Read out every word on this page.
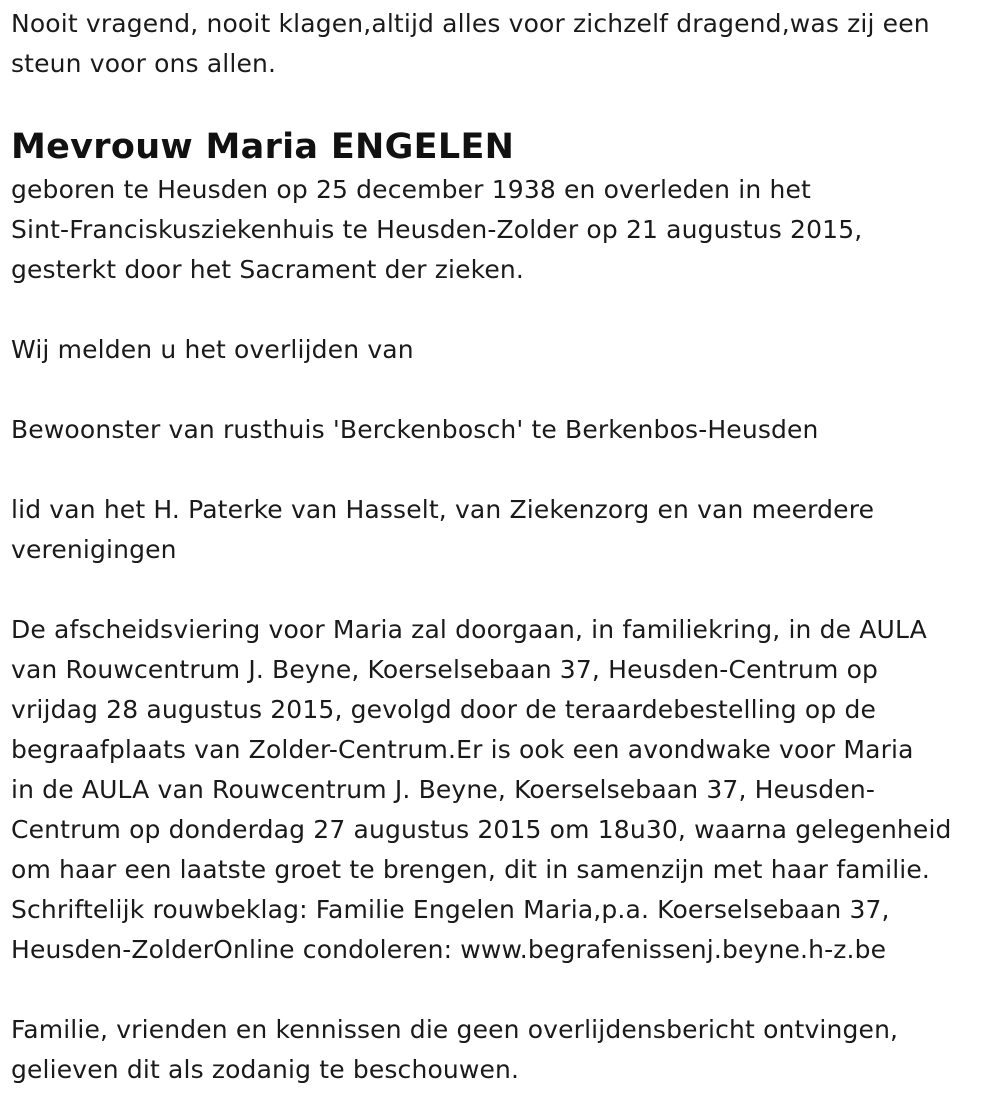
Nooit vragend, nooit klagen,altijd alles voor zichzelf dragend,was zij een
steun voor ons allen.

Mevrouw Maria ENGELEN

geboren te Heusden op 25 december 1938 en overleden in het
Sint-Franciskusziekenhuis te Heusden-Zolder op 21 augustus 2015,
gesterkt door het Sacrament der zieken.

Wij melden u het overlijden van

Bewoonster van rusthuis 'Berckenbosch' te Berkenbos-Heusden

lid van het H. Paterke van Hasselt, van Ziekenzorg en van meerdere
verenigingen

De afscheidsviering voor Maria zal doorgaan, in familiekring, in de AULA
van Rouwcentrum J. Beyne, Koerselsebaan 37, Heusden-Centrum op
vrijdag 28 augustus 2015, gevolgd door de teraardebestelling op de
begraafplaats van Zolder-Centrum.Er is ook een avondwake voor Maria
in de AULA van Rouwcentrum J. Beyne, Koerselsebaan 37, Heusden-
Centrum op donderdag 27 augustus 2015 om 18u30, waarna gelegenheid
om haar een laatste groet te brengen, dit in samenzijn met haar familie.
Schriftelijk rouwbeklag: Familie Engelen Maria,p.a. Koerselsebaan 37,
Heusden-ZolderOnline condoleren: www.begrafenissenj.beyne.h-z.be

Familie, vrienden en kennissen die geen overlijdensbericht ontvingen,
gelieven dit als zodanig te beschouwen.
